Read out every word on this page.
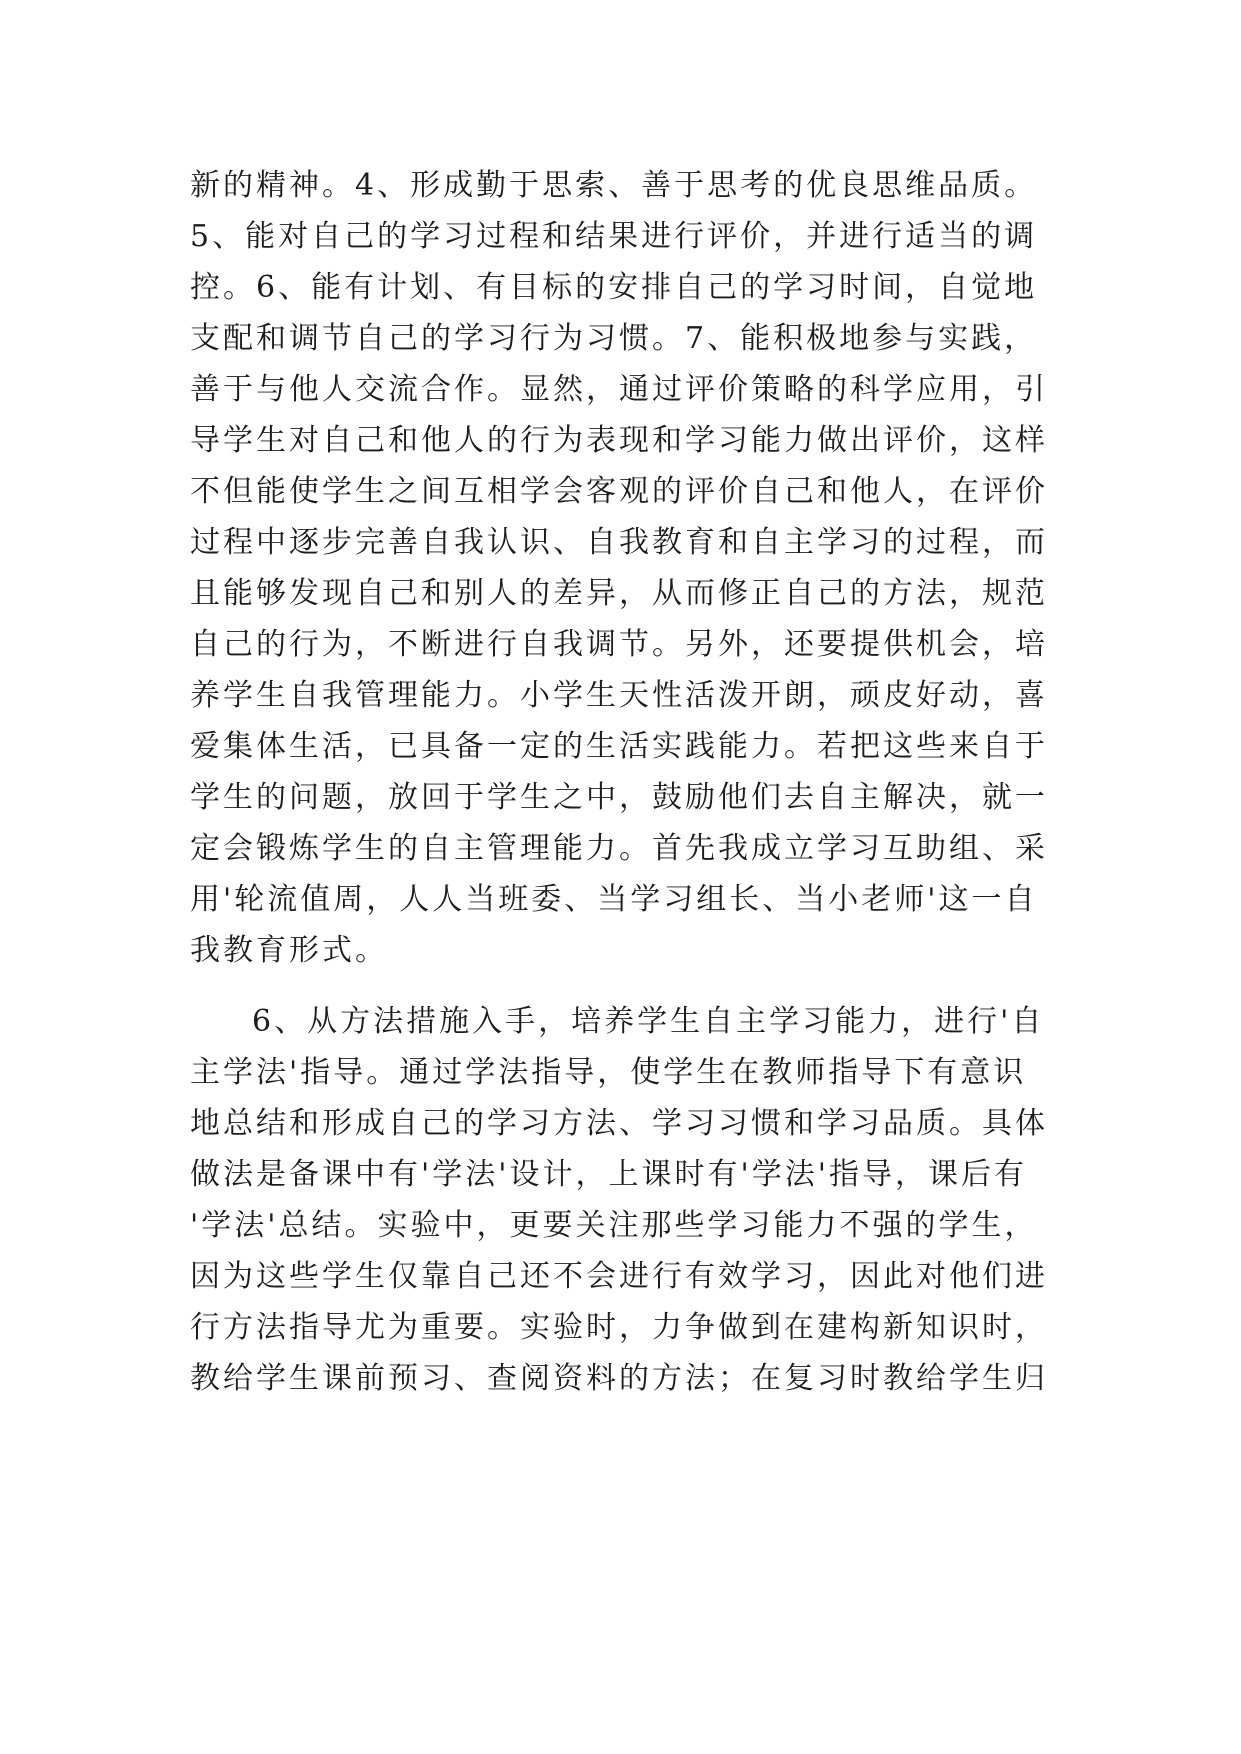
新的精神。4、形成勤于思索、善于思考的优良思维品质。
5、能对自己的学习过程和结果进行评价，并进行适当的调
控。6、能有计划、有目标的安排自己的学习时间，自觉地
支配和调节自己的学习行为习惯。7、能积极地参与实践，
善于与他人交流合作。显然，通过评价策略的科学应用，引
导学生对自己和他人的行为表现和学习能力做出评价，这样
不但能使学生之间互相学会客观的评价自己和他人，在评价
过程中逐步完善自我认识、自我教育和自主学习的过程，而
且能够发现自己和别人的差异，从而修正自己的方法，规范
自己的行为，不断进行自我调节。另外，还要提供机会，培
养学生自我管理能力。小学生天性活泼开朗，顽皮好动，喜
爱集体生活，已具备一定的生活实践能力。若把这些来自于
学生的问题，放回于学生之中，鼓励他们去自主解决，就一
定会锻炼学生的自主管理能力。首先我成立学习互助组、采
用'轮流值周，人人当班委、当学习组长、当小老师'这一自
我教育形式。
6、从方法措施入手，培养学生自主学习能力，进行'自
主学法'指导。通过学法指导，使学生在教师指导下有意识
地总结和形成自己的学习方法、学习习惯和学习品质。具体
做法是备课中有'学法'设计，上课时有'学法'指导，课后有
'学法'总结。实验中，更要关注那些学习能力不强的学生，
因为这些学生仅靠自己还不会进行有效学习，因此对他们进
行方法指导尤为重要。实验时，力争做到在建构新知识时，
教给学生课前预习、查阅资料的方法；在复习时教给学生归
